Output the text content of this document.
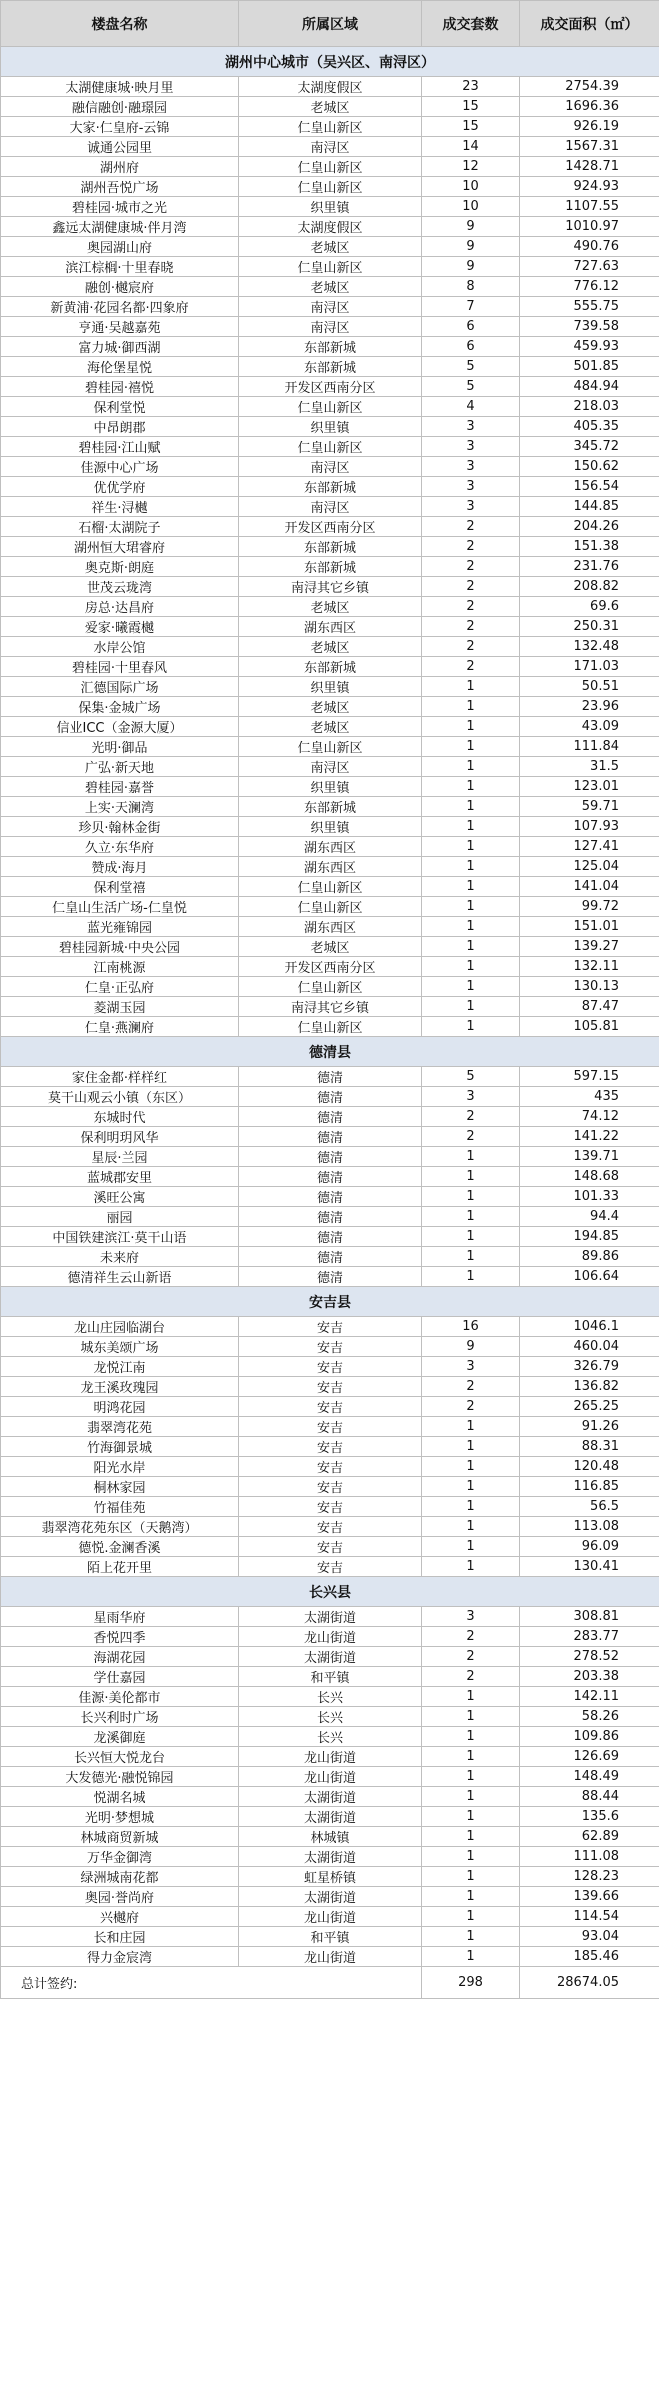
楼盘名称	所属区域	成交套数	成交面积（㎡）
湖州中心城市（吴兴区、南浔区）			
太湖健康城·映月里	太湖度假区	23	2754.39
融信融创·融璟园	老城区	15	1696.36
大家·仁皇府-云锦	仁皇山新区	15	926.19
诚通公园里	南浔区	14	1567.31
湖州府	仁皇山新区	12	1428.71
湖州吾悦广场	仁皇山新区	10	924.93
碧桂园·城市之光	织里镇	10	1107.55
鑫远太湖健康城·伴月湾	太湖度假区	9	1010.97
奥园湖山府	老城区	9	490.76
滨江棕榈·十里春晓	仁皇山新区	9	727.63
融创·樾宸府	老城区	8	776.12
新黄浦·花园名都·四象府	南浔区	7	555.75
亨通·吴越嘉苑	南浔区	6	739.58
富力城·御西湖	东部新城	6	459.93
海伦堡星悦	东部新城	5	501.85
碧桂园·禧悦	开发区西南分区	5	484.94
保利堂悦	仁皇山新区	4	218.03
中昂朗郡	织里镇	3	405.35
碧桂园·江山赋	仁皇山新区	3	345.72
佳源中心广场	南浔区	3	150.62
优优学府	东部新城	3	156.54
祥生·浔樾	南浔区	3	144.85
石榴·太湖院子	开发区西南分区	2	204.26
湖州恒大珺睿府	东部新城	2	151.38
奥克斯·朗庭	东部新城	2	231.76
世茂云珑湾	南浔其它乡镇	2	208.82
房总·达昌府	老城区	2	69.6
爱家·曦霞樾	湖东西区	2	250.31
水岸公馆	老城区	2	132.48
碧桂园·十里春风	东部新城	2	171.03
汇德国际广场	织里镇	1	50.51
保集·金城广场	老城区	1	23.96
信业ICC（金源大厦）	老城区	1	43.09
光明·御品	仁皇山新区	1	111.84
广弘·新天地	南浔区	1	31.5
碧桂园·嘉誉	织里镇	1	123.01
上实·天澜湾	东部新城	1	59.71
珍贝·翰林金街	织里镇	1	107.93
久立·东华府	湖东西区	1	127.41
赞成·海月	湖东西区	1	125.04
保利堂禧	仁皇山新区	1	141.04
仁皇山生活广场-仁皇悦	仁皇山新区	1	99.72
蓝光雍锦园	湖东西区	1	151.01
碧桂园新城·中央公园	老城区	1	139.27
江南桃源	开发区西南分区	1	132.11
仁皇·正弘府	仁皇山新区	1	130.13
菱湖玉园	南浔其它乡镇	1	87.47
仁皇·燕澜府	仁皇山新区	1	105.81
德清县			
家住金都·样样红	德清	5	597.15
莫干山观云小镇（东区）	德清	3	435
东城时代	德清	2	74.12
保利明玥风华	德清	2	141.22
星辰·兰园	德清	1	139.71
蓝城郡安里	德清	1	148.68
溪旺公寓	德清	1	101.33
丽园	德清	1	94.4
中国铁建滨江·莫干山语	德清	1	194.85
未来府	德清	1	89.86
德清祥生云山新语	德清	1	106.64
安吉县			
龙山庄园临湖台	安吉	16	1046.1
城东美颂广场	安吉	9	460.04
龙悦江南	安吉	3	326.79
龙王溪玫瑰园	安吉	2	136.82
明鸿花园	安吉	2	265.25
翡翠湾花苑	安吉	1	91.26
竹海御景城	安吉	1	88.31
阳光水岸	安吉	1	120.48
桐林家园	安吉	1	116.85
竹福佳苑	安吉	1	56.5
翡翠湾花苑东区（天鹅湾）	安吉	1	113.08
德悦.金澜香溪	安吉	1	96.09
陌上花开里	安吉	1	130.41
长兴县			
星雨华府	太湖街道	3	308.81
香悦四季	龙山街道	2	283.77
海湖花园	太湖街道	2	278.52
学仕嘉园	和平镇	2	203.38
佳源·美伦都市	长兴	1	142.11
长兴利时广场	长兴	1	58.26
龙溪御庭	长兴	1	109.86
长兴恒大悦龙台	龙山街道	1	126.69
大发德光·融悦锦园	龙山街道	1	148.49
悦湖名城	太湖街道	1	88.44
光明·梦想城	太湖街道	1	135.6
林城商贸新城	林城镇	1	62.89
万华金御湾	太湖街道	1	111.08
绿洲城南花都	虹星桥镇	1	128.23
奥园·誉尚府	太湖街道	1	139.66
兴樾府	龙山街道	1	114.54
长和庄园	和平镇	1	93.04
得力金宸湾	龙山街道	1	185.46
总计签约:		298	28674.05
